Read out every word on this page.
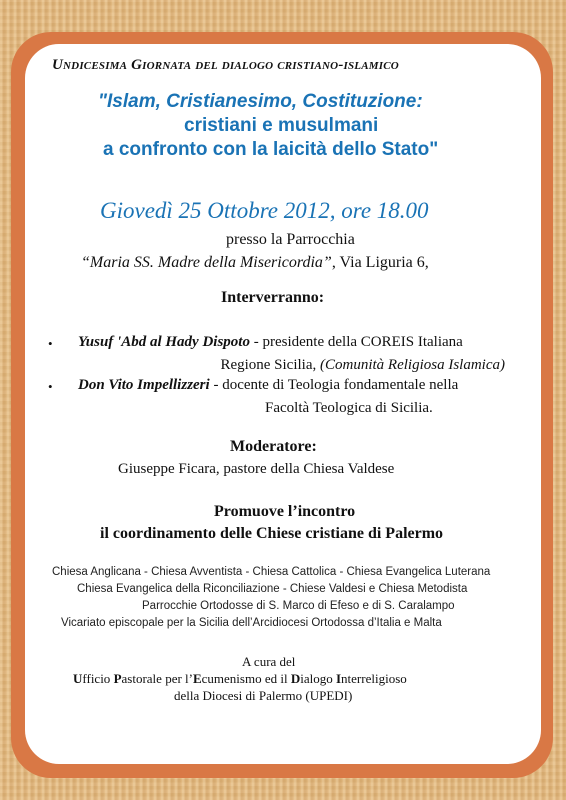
Undicesima Giornata del dialogo cristiano-islamico
"Islam, Cristianesimo, Costituzione:
cristiani e musulmani
a confronto con la laicità dello Stato"
Giovedì 25 Ottobre 2012, ore 18.00
presso la Parrocchia
“Maria SS. Madre della Misericordia”, Via Liguria 6,
Interverranno:
• Yusuf 'Abd al Hady Dispoto - presidente della COREIS Italiana
Regione Sicilia, (Comunità Religiosa Islamica)
• Don Vito Impellizzeri - docente di Teologia fondamentale nella
Facoltà Teologica di Sicilia.
Moderatore:
Giuseppe Ficara, pastore della Chiesa Valdese
Promuove l’incontro
il coordinamento delle Chiese cristiane di Palermo
Chiesa Anglicana - Chiesa Avventista - Chiesa Cattolica - Chiesa Evangelica Luterana
Chiesa Evangelica della Riconciliazione - Chiese Valdesi e Chiesa Metodista
Parrocchie Ortodosse di S. Marco di Efeso e di S. Caralampo
Vicariato episcopale per la Sicilia dell’Arcidiocesi Ortodossa d’Italia e Malta
A cura del
Ufficio Pastorale per l’Ecumenismo ed il Dialogo Interreligioso
della Diocesi di Palermo (UPEDI)
